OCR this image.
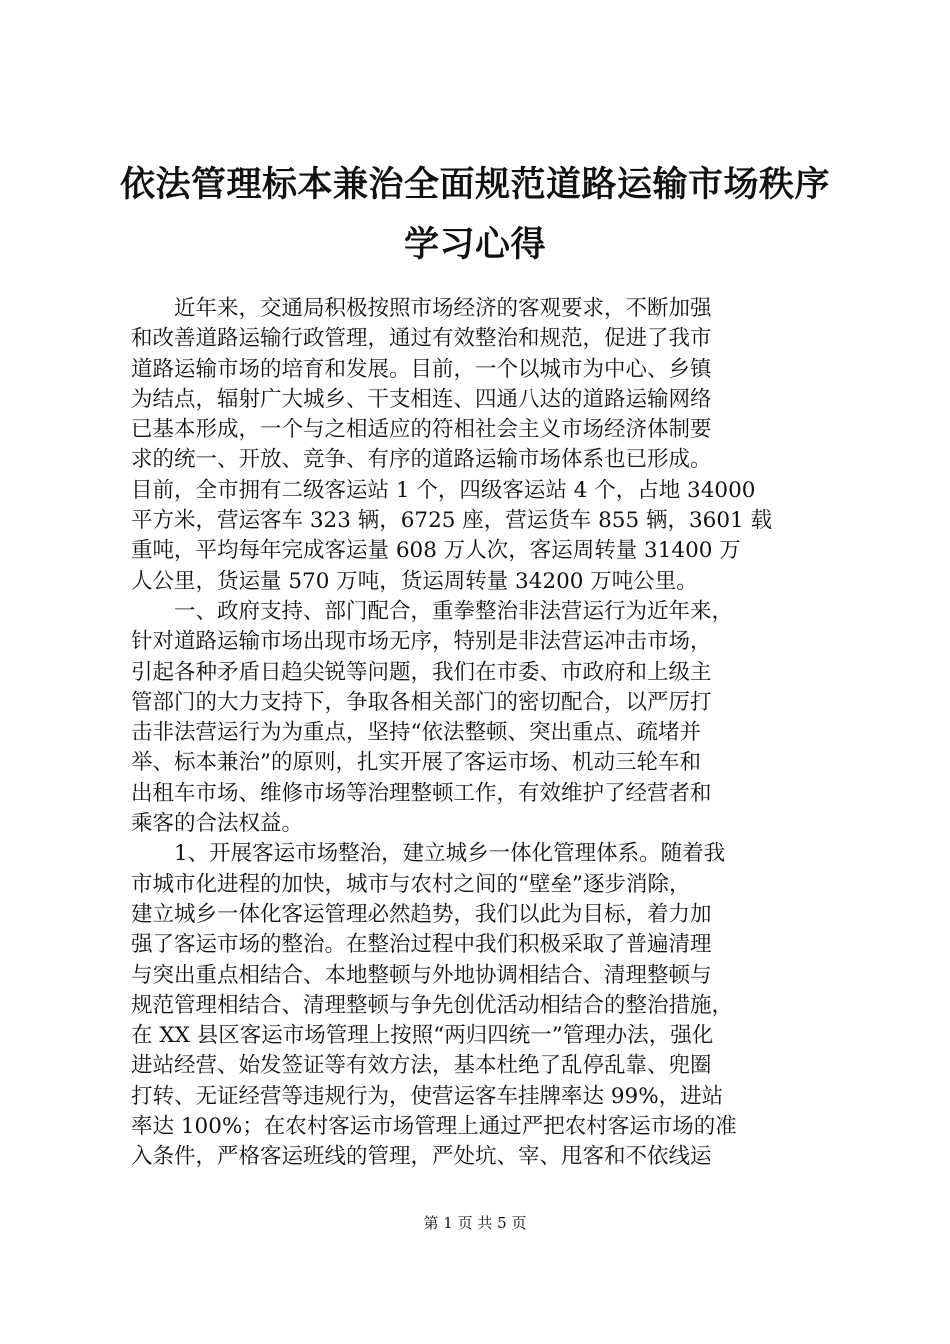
依法管理标本兼治全面规范道路运输市场秩序
学习心得
　　近年来，交通局积极按照市场经济的客观要求，不断加强
和改善道路运输行政管理，通过有效整治和规范，促进了我市
道路运输市场的培育和发展。目前，一个以城市为中心、乡镇
为结点，辐射广大城乡、干支相连、四通八达的道路运输网络
已基本形成，一个与之相适应的符相社会主义市场经济体制要
求的统一、开放、竞争、有序的道路运输市场体系也已形成。
目前，全市拥有二级客运站 1 个，四级客运站 4 个，占地 34000
平方米，营运客车 323 辆，6725 座，营运货车 855 辆，3601 载
重吨，平均每年完成客运量 608 万人次，客运周转量 31400 万
人公里，货运量 570 万吨，货运周转量 34200 万吨公里。
　　一、政府支持、部门配合，重拳整治非法营运行为近年来，
针对道路运输市场出现市场无序，特别是非法营运冲击市场，
引起各种矛盾日趋尖锐等问题，我们在市委、市政府和上级主
管部门的大力支持下，争取各相关部门的密切配合，以严厉打
击非法营运行为为重点，坚持“依法整顿、突出重点、疏堵并
举、标本兼治”的原则，扎实开展了客运市场、机动三轮车和
出租车市场、维修市场等治理整顿工作，有效维护了经营者和
乘客的合法权益。
　　1、开展客运市场整治，建立城乡一体化管理体系。随着我
市城市化进程的加快，城市与农村之间的“壁垒”逐步消除，
建立城乡一体化客运管理必然趋势，我们以此为目标，着力加
强了客运市场的整治。在整治过程中我们积极采取了普遍清理
与突出重点相结合、本地整顿与外地协调相结合、清理整顿与
规范管理相结合、清理整顿与争先创优活动相结合的整治措施，
在 XX 县区客运市场管理上按照“两归四统一”管理办法，强化
进站经营、始发签证等有效方法，基本杜绝了乱停乱靠、兜圈
打转、无证经营等违规行为，使营运客车挂牌率达 99%，进站
率达 100%；在农村客运市场管理上通过严把农村客运市场的准
入条件，严格客运班线的管理，严处坑、宰、甩客和不依线运
第 1 页 共 5 页
